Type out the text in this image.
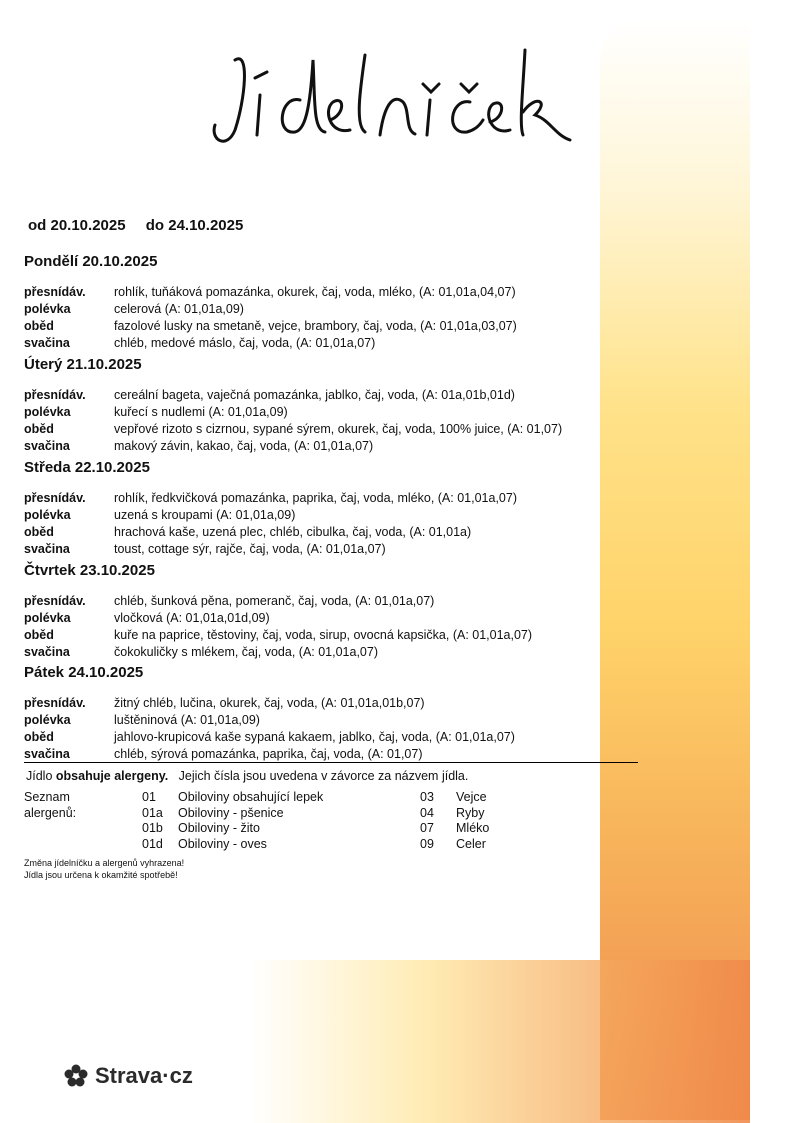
od 20.10.2025 do 24.10.2025
Pondělí 20.10.2025
přesnídáv.	rohlík, tuňáková pomazánka, okurek, čaj, voda, mléko, (A: 01,01a,04,07)
polévka	celerová (A: 01,01a,09)
oběd	fazolové lusky na smetaně, vejce, brambory, čaj, voda, (A: 01,01a,03,07)
svačina	chléb, medové máslo, čaj, voda, (A: 01,01a,07)
Úterý 21.10.2025
přesnídáv.	cereální bageta, vaječná pomazánka, jablko, čaj, voda, (A: 01a,01b,01d)
polévka	kuřecí s nudlemi (A: 01,01a,09)
oběd	vepřové rizoto s cizrnou, sypané sýrem, okurek, čaj, voda, 100% juice, (A: 01,07)
svačina	makový závin, kakao, čaj, voda, (A: 01,01a,07)
Středa 22.10.2025
přesnídáv.	rohlík, ředkvičková pomazánka, paprika, čaj, voda, mléko, (A: 01,01a,07)
polévka	uzená s kroupami (A: 01,01a,09)
oběd	hrachová kaše, uzená plec, chléb, cibulka, čaj, voda, (A: 01,01a)
svačina	toust, cottage sýr, rajče, čaj, voda, (A: 01,01a,07)
Čtvrtek 23.10.2025
přesnídáv.	chléb, šunková pěna, pomeranč, čaj, voda, (A: 01,01a,07)
polévka	vločková (A: 01,01a,01d,09)
oběd	kuře na paprice, těstoviny, čaj, voda, sirup, ovocná kapsička, (A: 01,01a,07)
svačina	čokokuličky s mlékem, čaj, voda, (A: 01,01a,07)
Pátek 24.10.2025
přesnídáv.	žitný chléb, lučina, okurek, čaj, voda, (A: 01,01a,01b,07)
polévka	luštěninová (A: 01,01a,09)
oběd	jahlovo-krupicová kaše sypaná kakaem, jablko, čaj, voda, (A: 01,01a,07)
svačina	chléb, sýrová pomazánka, paprika, čaj, voda, (A: 01,07)
Jídlo obsahuje alergeny.   Jejich čísla jsou uvedena v závorce za názvem jídla.
Seznam alergenů:
01	Obiloviny obsahující lepek
01a	Obiloviny - pšenice
01b	Obiloviny - žito
01d	Obiloviny - oves
03	Vejce
04	Ryby
07	Mléko
09	Celer
Změna jídelníčku a alergenů vyhrazena!
Jídla jsou určena k okamžité spotřebě!
Strava·cz
